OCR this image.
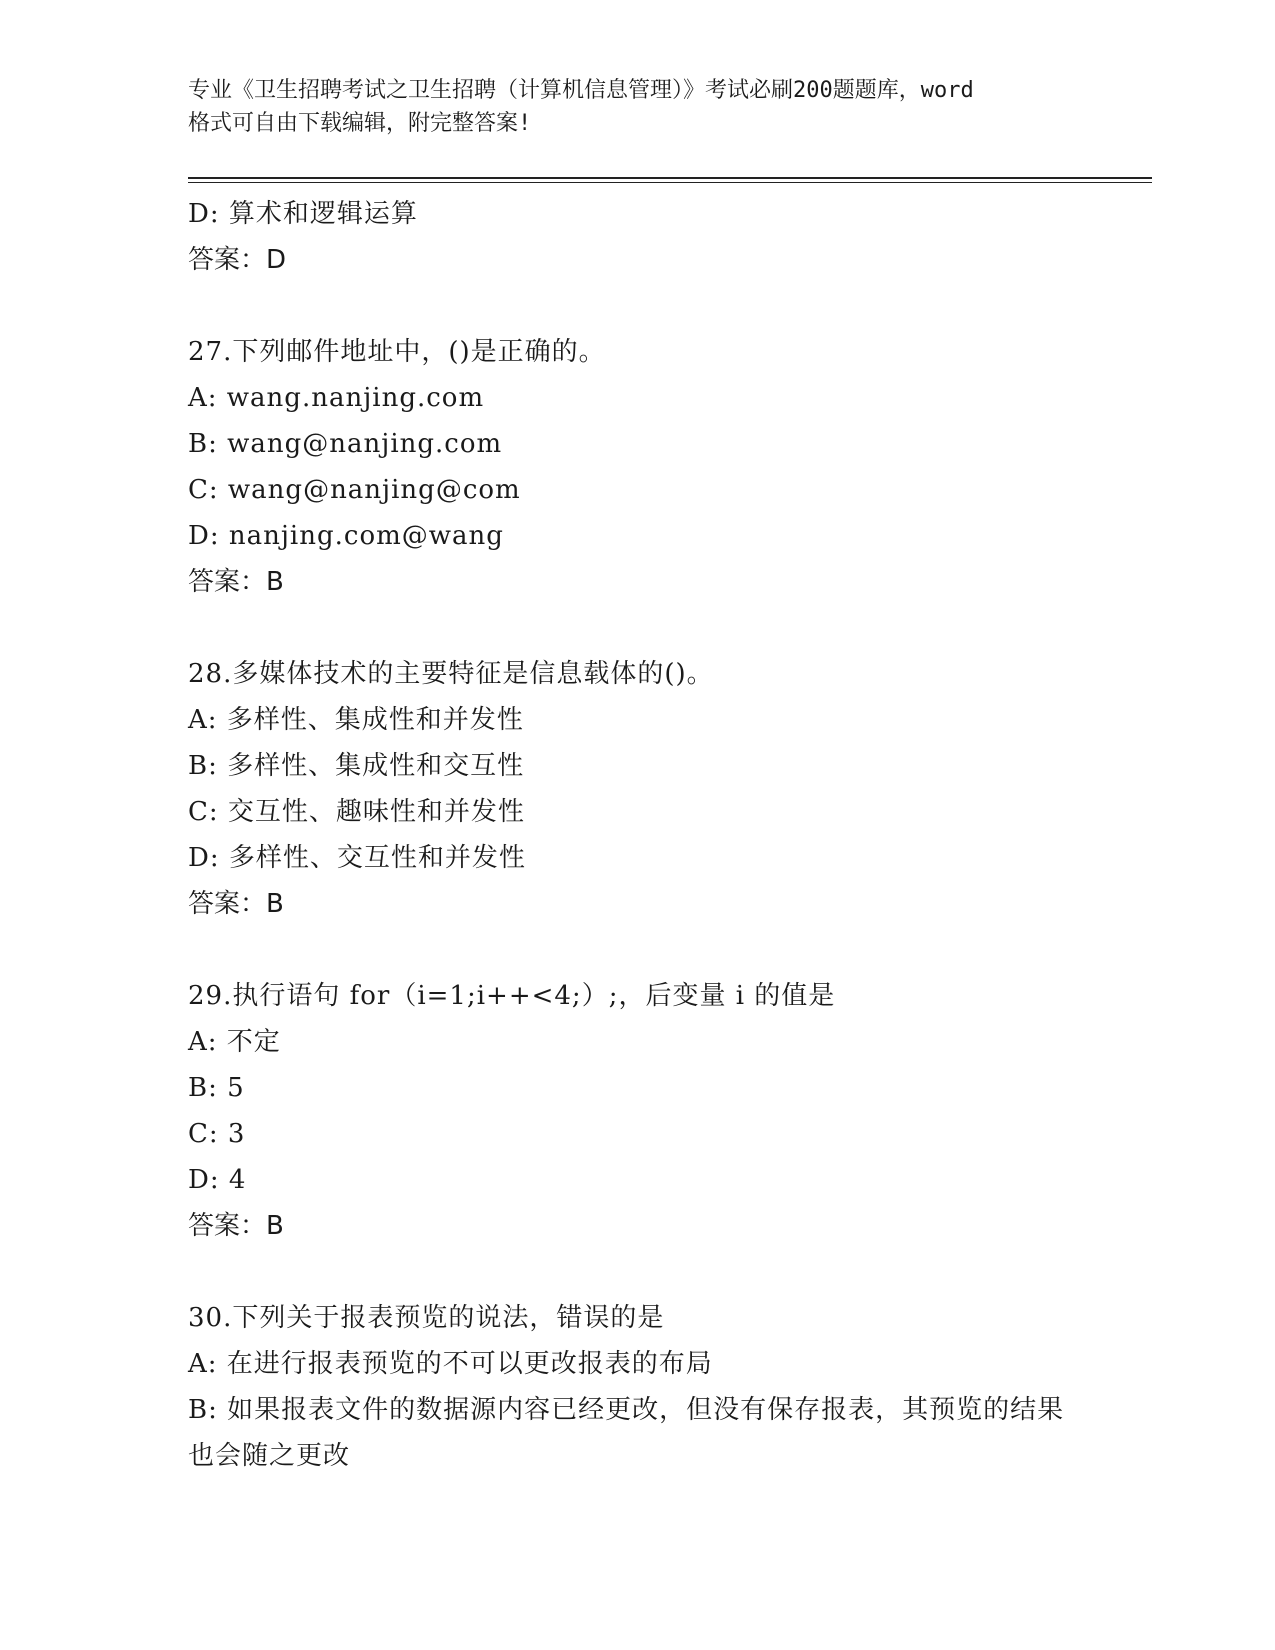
专业《卫生招聘考试之卫生招聘（计算机信息管理）》考试必刷200题题库，word
格式可自由下载编辑，附完整答案!
D: 算术和逻辑运算
答案：D
27.下列邮件地址中，()是正确的。
A: wang.nanjing.com
B: wang@nanjing.com
C: wang@nanjing@com
D: nanjing.com@wang
答案：B
28.多媒体技术的主要特征是信息载体的()。
A: 多样性、集成性和并发性
B: 多样性、集成性和交互性
C: 交互性、趣味性和并发性
D: 多样性、交互性和并发性
答案：B
29.执行语句 for（i=1;i++<4;）;，后变量 i 的值是
A: 不定
B: 5
C: 3
D: 4
答案：B
30.下列关于报表预览的说法，错误的是
A: 在进行报表预览的不可以更改报表的布局
B: 如果报表文件的数据源内容已经更改，但没有保存报表，其预览的结果也会随之更改
